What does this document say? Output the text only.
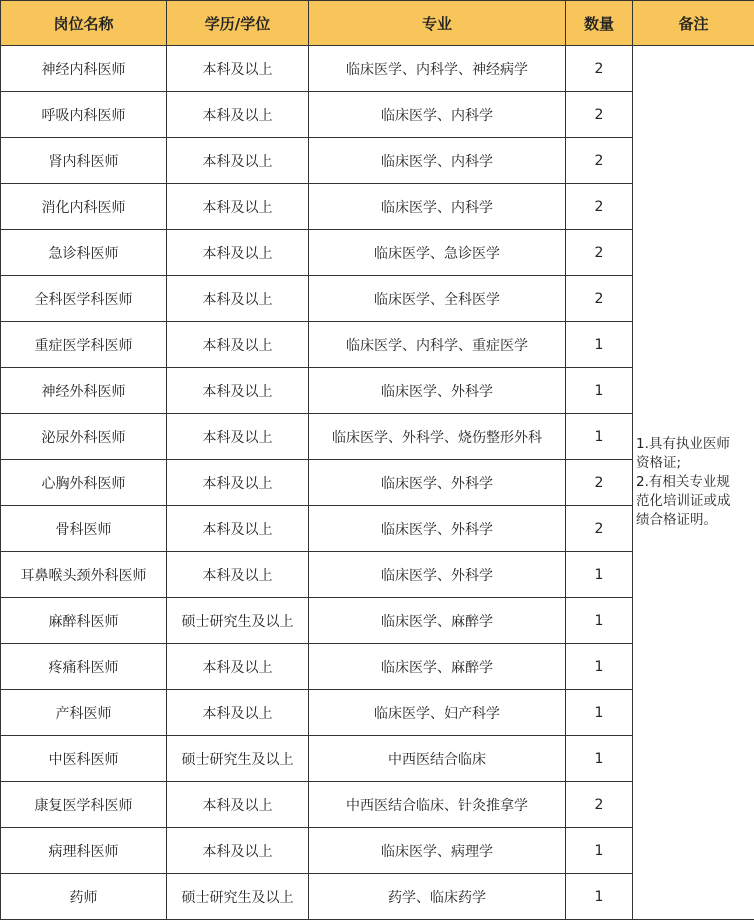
岗位名称	学历/学位	专业	数量	备注
神经内科医师	本科及以上	临床医学、内科学、神经病学	2	1.具有执业医师
资格证;
2.有相关专业规
范化培训证或成
绩合格证明。

呼吸内科医师	本科及以上	临床医学、内科学	2	
肾内科医师	本科及以上	临床医学、内科学	2	
消化内科医师	本科及以上	临床医学、内科学	2	
急诊科医师	本科及以上	临床医学、急诊医学	2	
全科医学科医师	本科及以上	临床医学、全科医学	2	
重症医学科医师	本科及以上	临床医学、内科学、重症医学	1	
神经外科医师	本科及以上	临床医学、外科学	1	
泌尿外科医师	本科及以上	临床医学、外科学、烧伤整形外科	1	
心胸外科医师	本科及以上	临床医学、外科学	2	
骨科医师	本科及以上	临床医学、外科学	2	
耳鼻喉头颈外科医师	本科及以上	临床医学、外科学	1	
麻醉科医师	硕士研究生及以上	临床医学、麻醉学	1	
疼痛科医师	本科及以上	临床医学、麻醉学	1	
产科医师	本科及以上	临床医学、妇产科学	1	
中医科医师	硕士研究生及以上	中西医结合临床	1	
康复医学科医师	本科及以上	中西医结合临床、针灸推拿学	2	
病理科医师	本科及以上	临床医学、病理学	1	
药师	硕士研究生及以上	药学、临床药学	1	
